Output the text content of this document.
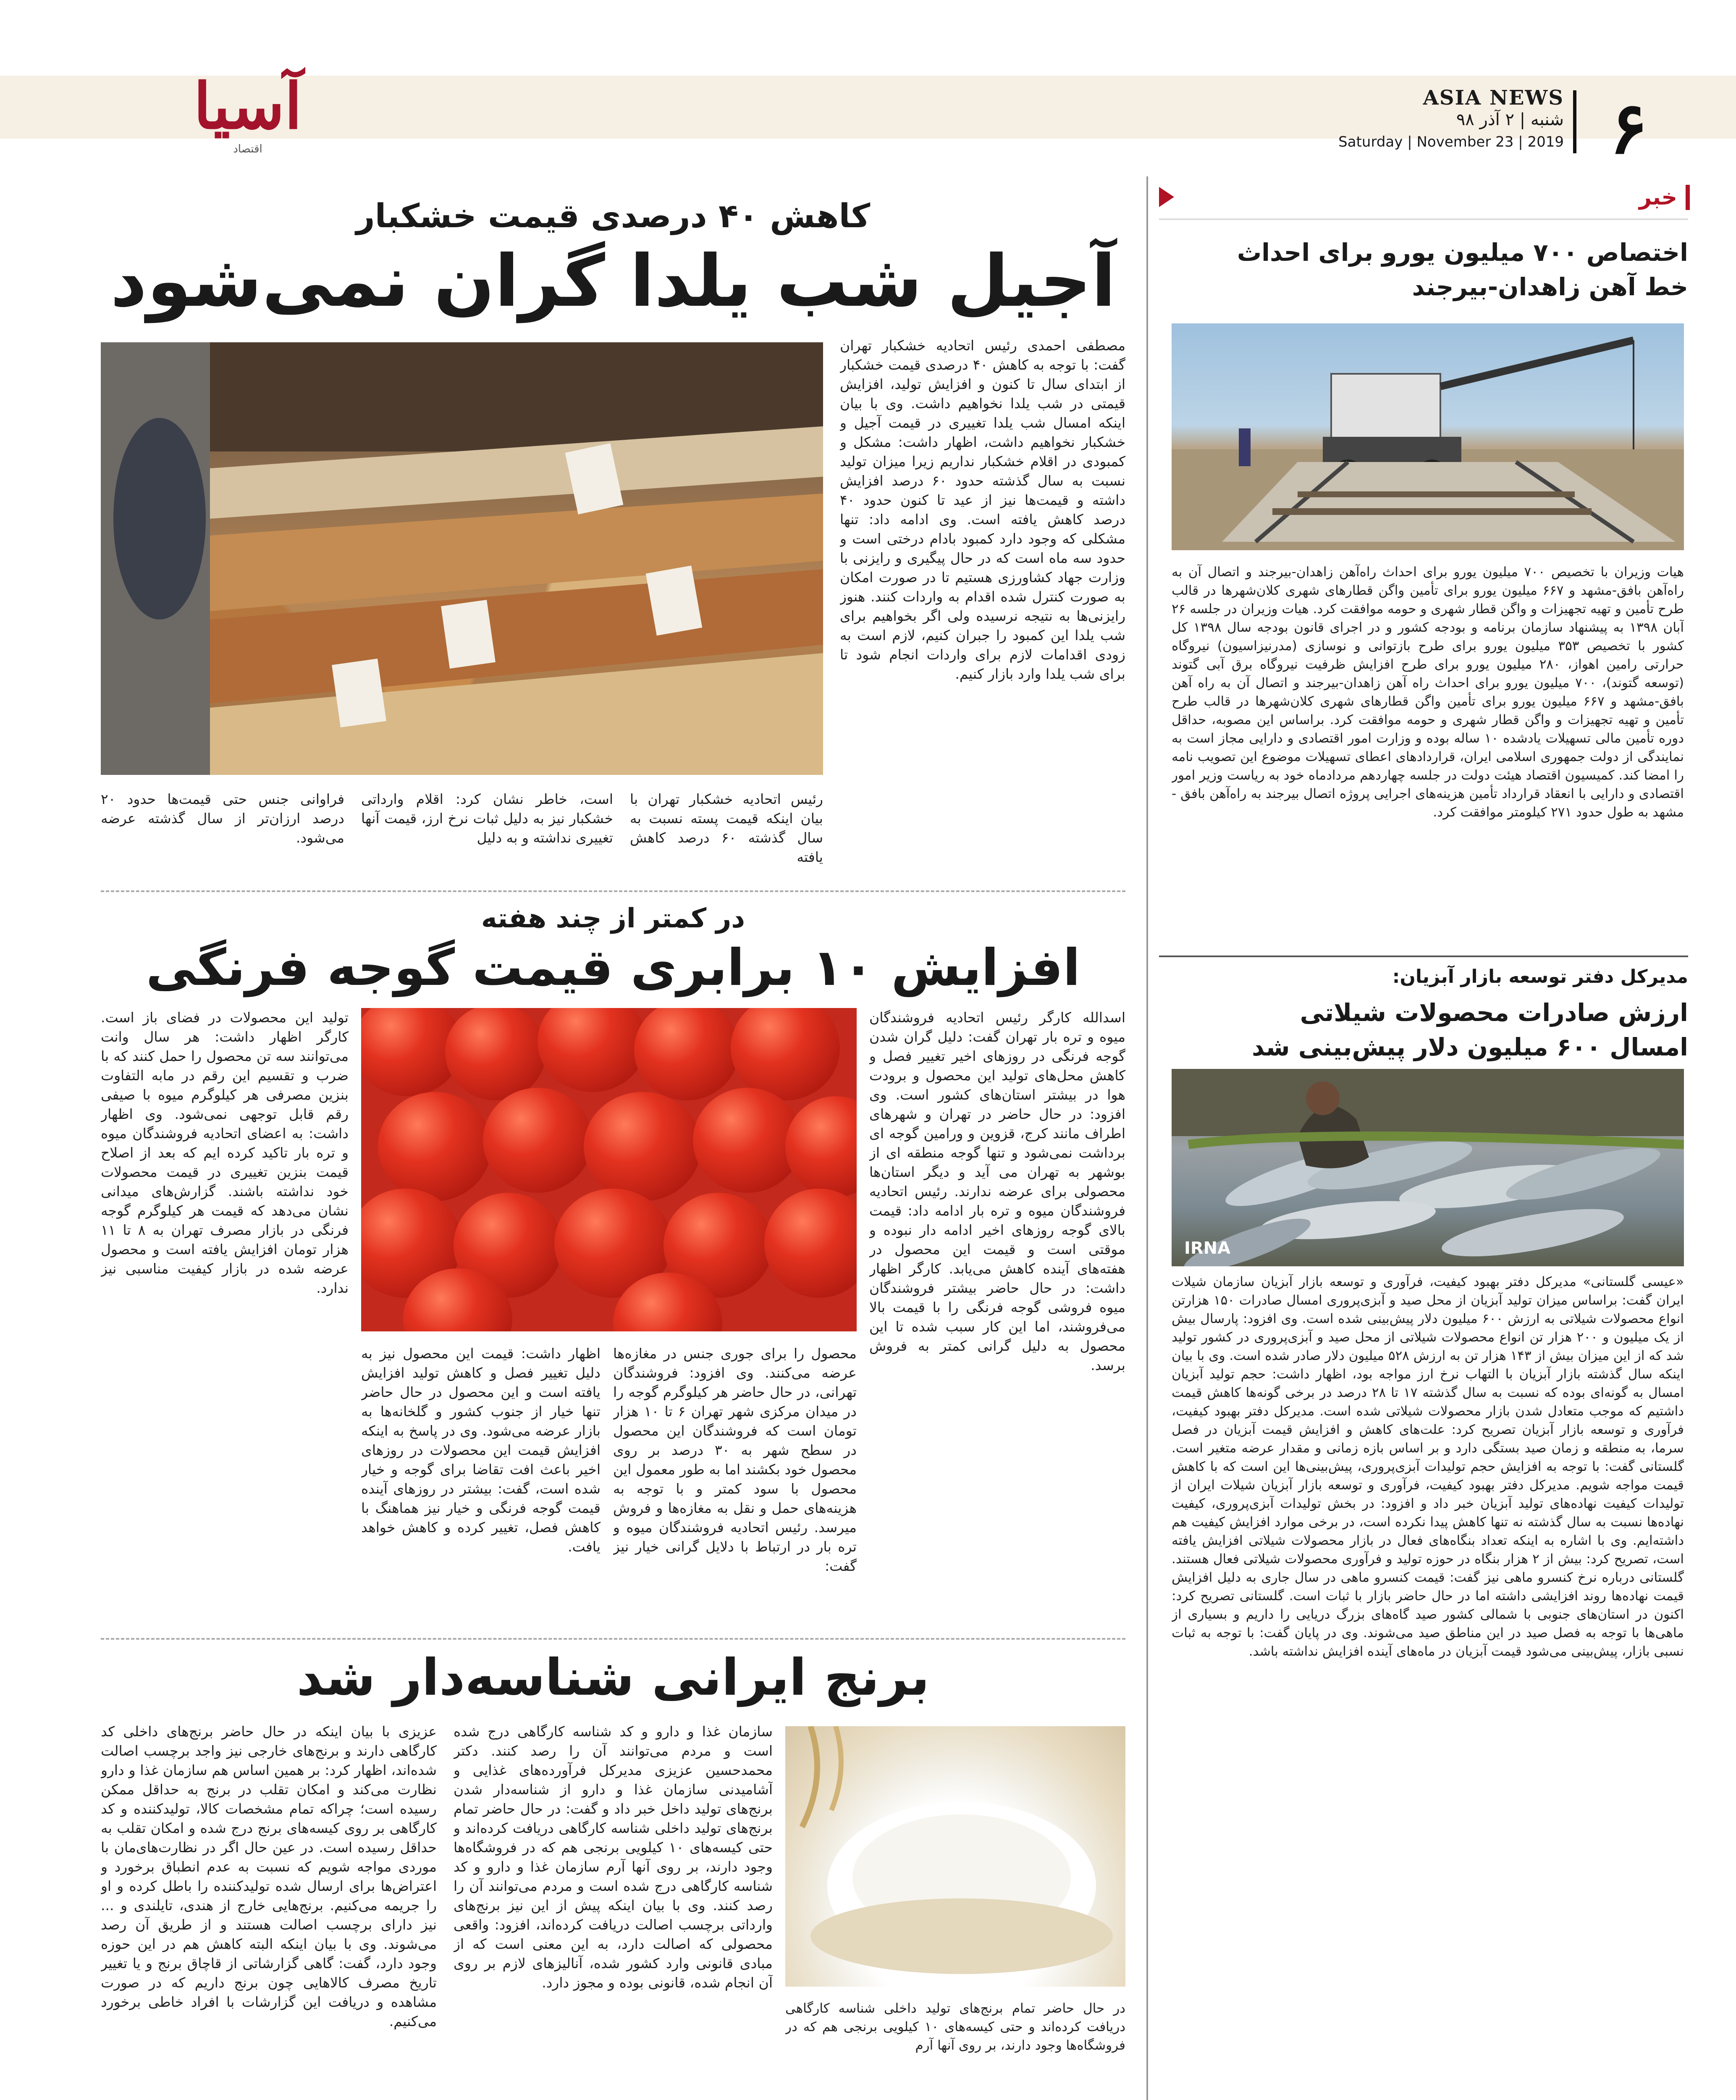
۶
ASIA NEWS
شنبه | ۲ آذر ۹۸
Saturday | November 23 | 2019
آسیا
اقتصاد
خبر
اختصاص ۷۰۰ میلیون یورو برای احداث
خط آهن زاهدان-بیرجند
هیات وزیران با تخصیص ۷۰۰ میلیون یورو برای احداث راه‌آهن زاهدان-بیرجند و اتصال آن به راه‌آهن بافق-مشهد و ۶۶۷ میلیون یورو برای تأمین واگن قطارهای شهری کلان‌شهرها در قالب طرح تأمین و تهیه تجهیزات و واگن قطار شهری و حومه موافقت کرد. هیات وزیران در جلسه ۲۶ آبان ۱۳۹۸ به پیشنهاد سازمان برنامه و بودجه کشور و در اجرای قانون بودجه سال ۱۳۹۸ کل کشور با تخصیص ۳۵۳ میلیون یورو برای طرح بازتوانی و نوسازی (مدرنیزاسیون) نیروگاه حرارتی رامین اهواز، ۲۸۰ میلیون یورو برای طرح افزایش ظرفیت نیروگاه برق آبی گتوند (توسعه گتوند)، ۷۰۰ میلیون یورو برای احداث راه آهن زاهدان-بیرجند و اتصال آن به راه آهن بافق-مشهد و ۶۶۷ میلیون یورو برای تأمین واگن قطارهای شهری کلان‌شهرها در قالب طرح تأمین و تهیه تجهیزات و واگن قطار شهری و حومه موافقت کرد. براساس این مصوبه، حداقل دوره تأمین مالی تسهیلات یادشده ۱۰ ساله بوده و وزارت امور اقتصادی و دارایی مجاز است به نمایندگی از دولت جمهوری اسلامی ایران، قراردادهای اعطای تسهیلات موضوع این تصویب نامه را امضا کند. کمیسیون اقتصاد هیئت دولت در جلسه چهاردهم مردادماه خود به ریاست وزیر امور اقتصادی و دارایی با انعقاد قرارداد تأمین هزینه‌های اجرایی پروژه اتصال بیرجند به راه‌آهن بافق - مشهد به طول حدود ۲۷۱ کیلومتر موافقت کرد.
مدیرکل دفتر توسعه بازار آبزیان:
ارزش صادرات محصولات شیلاتی
امسال ۶۰۰ میلیون دلار پیش‌بینی شد
IRNA
«عیسی گلستانی» مدیرکل دفتر بهبود کیفیت، فرآوری و توسعه بازار آبزیان سازمان شیلات ایران گفت: براساس میزان تولید آبزیان از محل صید و آبزی‌پروری امسال صادرات ۱۵۰ هزارتن انواع محصولات شیلاتی به ارزش ۶۰۰ میلیون دلار پیش‌بینی شده است. وی افزود: پارسال بیش از یک میلیون و ۲۰۰ هزار تن انواع محصولات شیلاتی از محل صید و آبزی‌پروری در کشور تولید شد که از این میزان بیش از ۱۴۳ هزار تن به ارزش ۵۲۸ میلیون دلار صادر شده است. وی با بیان اینکه سال گذشته بازار آبزیان با التهاب نرخ ارز مواجه بود، اظهار داشت: حجم تولید آبزیان امسال به گونه‌ای بوده که نسبت به سال گذشته ۱۷ تا ۲۸ درصد در برخی گونه‌ها کاهش قیمت داشتیم که موجب متعادل شدن بازار محصولات شیلاتی شده است. مدیرکل دفتر بهبود کیفیت، فرآوری و توسعه بازار آبزیان تصریح کرد: علت‌های کاهش و افزایش قیمت آبزیان در فصل سرما، به منطقه و زمان صید بستگی دارد و بر اساس بازه زمانی و مقدار عرضه متغیر است. گلستانی گفت: با توجه به افزایش حجم تولیدات آبزی‌پروری، پیش‌بینی‌ها این است که با کاهش قیمت مواجه شویم. مدیرکل دفتر بهبود کیفیت، فرآوری و توسعه بازار آبزیان شیلات ایران از تولیدات کیفیت نهاده‌های تولید آبزیان خبر داد و افزود: در بخش تولیدات آبزی‌پروری، کیفیت نهاده‌ها نسبت به سال گذشته نه تنها کاهش پیدا نکرده است، در برخی موارد افزایش کیفیت هم داشته‌ایم. وی با اشاره به اینکه تعداد بنگاه‌های فعال در بازار محصولات شیلاتی افزایش یافته است، تصریح کرد: بیش از ۲ هزار بنگاه در حوزه تولید و فرآوری محصولات شیلاتی فعال هستند. گلستانی درباره نرخ کنسرو ماهی نیز گفت: قیمت کنسرو ماهی در سال جاری به دلیل افزایش قیمت نهاده‌ها روند افزایشی داشته اما در حال حاضر بازار با ثبات است. گلستانی تصریح کرد: اکنون در استان‌های جنوبی با شمالی کشور صید گاه‌های بزرگ دریایی را داریم و بسیاری از ماهی‌ها با توجه به فصل صید در این مناطق صید می‌شوند. وی در پایان گفت: با توجه به ثبات نسبی بازار، پیش‌بینی می‌شود قیمت آبزیان در ماه‌های آینده افزایش نداشته باشد.
کاهش ۴۰ درصدی قیمت خشکبار
آجیل شب یلدا گران نمی‌شود
مصطفی احمدی رئیس اتحادیه خشکبار تهران گفت: با توجه به کاهش ۴۰ درصدی قیمت خشکبار از ابتدای سال تا کنون و افزایش تولید، افزایش قیمتی در شب یلدا نخواهیم داشت. وی با بیان اینکه امسال شب یلدا تغییری در قیمت آجیل و خشکبار نخواهیم داشت، اظهار داشت: مشکل و کمبودی در اقلام خشکبار نداریم زیرا میزان تولید نسبت به سال گذشته حدود ۶۰ درصد افزایش داشته و قیمت‌ها نیز از عید تا کنون حدود ۴۰ درصد کاهش یافته است. وی ادامه داد: تنها مشکلی که وجود دارد کمبود بادام درختی است و حدود سه ماه است که در حال پیگیری و رایزنی با وزارت جهاد کشاورزی هستیم تا در صورت امکان به صورت کنترل شده اقدام به واردات کنند. هنوز رایزنی‌ها به نتیجه نرسیده ولی اگر بخواهیم برای شب یلدا این کمبود را جبران کنیم، لازم است به زودی اقدامات لازم برای واردات انجام شود تا برای شب یلدا وارد بازار کنیم.
رئیس اتحادیه خشکبار تهران با بیان اینکه قیمت پسته نسبت به سال گذشته ۶۰ درصد کاهش یافته
است، خاطر نشان کرد: اقلام وارداتی خشکبار نیز به دلیل ثبات نرخ ارز، قیمت آنها تغییری نداشته و به دلیل
فراوانی جنس حتی قیمت‌ها حدود ۲۰ درصد ارزان‌تر از سال گذشته عرضه می‌شود.
در کمتر از چند هفته
افزایش ۱۰ برابری قیمت گوجه فرنگی
اسدالله کارگر رئیس اتحادیه فروشندگان میوه و تره بار تهران گفت: دلیل گران شدن گوجه فرنگی در روزهای اخیر تغییر فصل و کاهش محل‌های تولید این محصول و برودت هوا در بیشتر استان‌های کشور است. وی افزود: در حال حاضر در تهران و شهرهای اطراف مانند کرج، قزوین و ورامین گوجه ای برداشت نمی‌شود و تنها گوجه منطقه ای از بوشهر به تهران می آید و دیگر استان‌ها محصولی برای عرضه ندارند. رئیس اتحادیه فروشندگان میوه و تره بار ادامه داد: قیمت بالای گوجه روزهای اخیر ادامه دار نبوده و موقتی است و قیمت این محصول در هفته‌های آینده کاهش می‌یابد. کارگر اظهار داشت: در حال حاضر بیشتر فروشندگان میوه فروشی گوجه فرنگی را با قیمت بالا می‌فروشند، اما این کار سبب شده تا این محصول به دلیل گرانی کمتر به فروش برسد.
محصول را برای جوری جنس در مغازه‌ها عرضه می‌کنند. وی افزود: فروشندگان تهرانی، در حال حاضر هر کیلوگرم گوجه را در میدان مرکزی شهر تهران ۶ تا ۱۰ هزار تومان است که فروشندگان این محصول در سطح شهر به ۳۰ درصد بر روی محصول خود بکشند اما به طور معمول این محصول با سود کمتر و با توجه به هزینه‌های حمل و نقل به مغازه‌ها و فروش میرسد. رئیس اتحادیه فروشندگان میوه و تره بار در ارتباط با دلایل گرانی خیار نیز گفت:
اظهار داشت: قیمت این محصول نیز به دلیل تغییر فصل و کاهش تولید افزایش یافته است و این محصول در حال حاضر تنها خیار از جنوب کشور و گلخانه‌ها به بازار عرضه می‌شود. وی در پاسخ به اینکه افزایش قیمت این محصولات در روزهای اخیر باعث افت تقاضا برای گوجه و خیار شده است، گفت: بیشتر در روزهای آینده قیمت گوجه فرنگی و خیار نیز هماهنگ با کاهش فصل، تغییر کرده و کاهش خواهد یافت.
تولید این محصولات در فضای باز است. کارگر اظهار داشت: هر سال وانت می‌توانند سه تن محصول را حمل کنند که با ضرب و تقسیم این رقم در مابه التفاوت بنزین مصرفی هر کیلوگرم میوه با صیفی رقم قابل توجهی نمی‌شود. وی اظهار داشت: به اعضای اتحادیه فروشندگان میوه و تره بار تاکید کرده ایم که بعد از اصلاح قیمت بنزین تغییری در قیمت محصولات خود نداشته باشند. گزارش‌های میدانی نشان می‌دهد که قیمت هر کیلوگرم گوجه فرنگی در بازار مصرف تهران به ۸ تا ۱۱ هزار تومان افزایش یافته است و محصول عرضه شده در بازار کیفیت مناسبی نیز ندارد.
برنج ایرانی شناسه‌دار شد
در حال حاضر تمام برنج‌های تولید داخلی شناسه کارگاهی دریافت کرده‌اند و حتی کیسه‌های ۱۰ کیلویی برنجی هم که در فروشگاه‌ها وجود دارند، بر روی آنها آرم
سازمان غذا و دارو و کد شناسه کارگاهی درج شده است و مردم می‌توانند آن را رصد کنند. دکتر محمدحسین عزیزی مدیرکل فرآورده‌های غذایی و آشامیدنی سازمان غذا و دارو از شناسه‌دار شدن برنج‌های تولید داخل خبر داد و گفت: در حال حاضر تمام برنج‌های تولید داخلی شناسه کارگاهی دریافت کرده‌اند و حتی کیسه‌های ۱۰ کیلویی برنجی هم که در فروشگاه‌ها وجود دارند، بر روی آنها آرم سازمان غذا و دارو و کد شناسه کارگاهی درج شده است و مردم می‌توانند آن را رصد کنند. وی با بیان اینکه پیش از این نیز برنج‌های وارداتی برچسب اصالت دریافت کرده‌اند، افزود: واقعی محصولی که اصالت دارد، به این معنی است که از مبادی قانونی وارد کشور شده، آنالیزهای لازم بر روی آن انجام شده، قانونی بوده و مجوز دارد.
عزیزی با بیان اینکه در حال حاضر برنج‌های داخلی کد کارگاهی دارند و برنج‌های خارجی نیز واجد برچسب اصالت شده‌اند، اظهار کرد: بر همین اساس هم سازمان غذا و دارو نظارت می‌کند و امکان تقلب در برنج به حداقل ممکن رسیده است؛ چراکه تمام مشخصات کالا، تولیدکننده و کد کارگاهی بر روی کیسه‌های برنج درج شده و امکان تقلب به حداقل رسیده است. در عین حال اگر در نظارت‌های‌مان با موردی مواجه شویم که نسبت به عدم انطباق برخورد و اعتراض‌ها برای ارسال شده تولیدکننده را باطل کرده و او را جریمه می‌کنیم. برنج‌هایی خارج از هندی، تایلندی و ... نیز دارای برچسب اصالت هستند و از طریق آن رصد می‌شوند. وی با بیان اینکه البته کاهش هم در این حوزه وجود دارد، گفت: گاهی گزارشاتی از قاچاق برنج و یا تغییر تاریخ مصرف کالاهایی چون برنج داریم که در صورت مشاهده و دریافت این گزارشات با افراد خاطی برخورد می‌کنیم.
